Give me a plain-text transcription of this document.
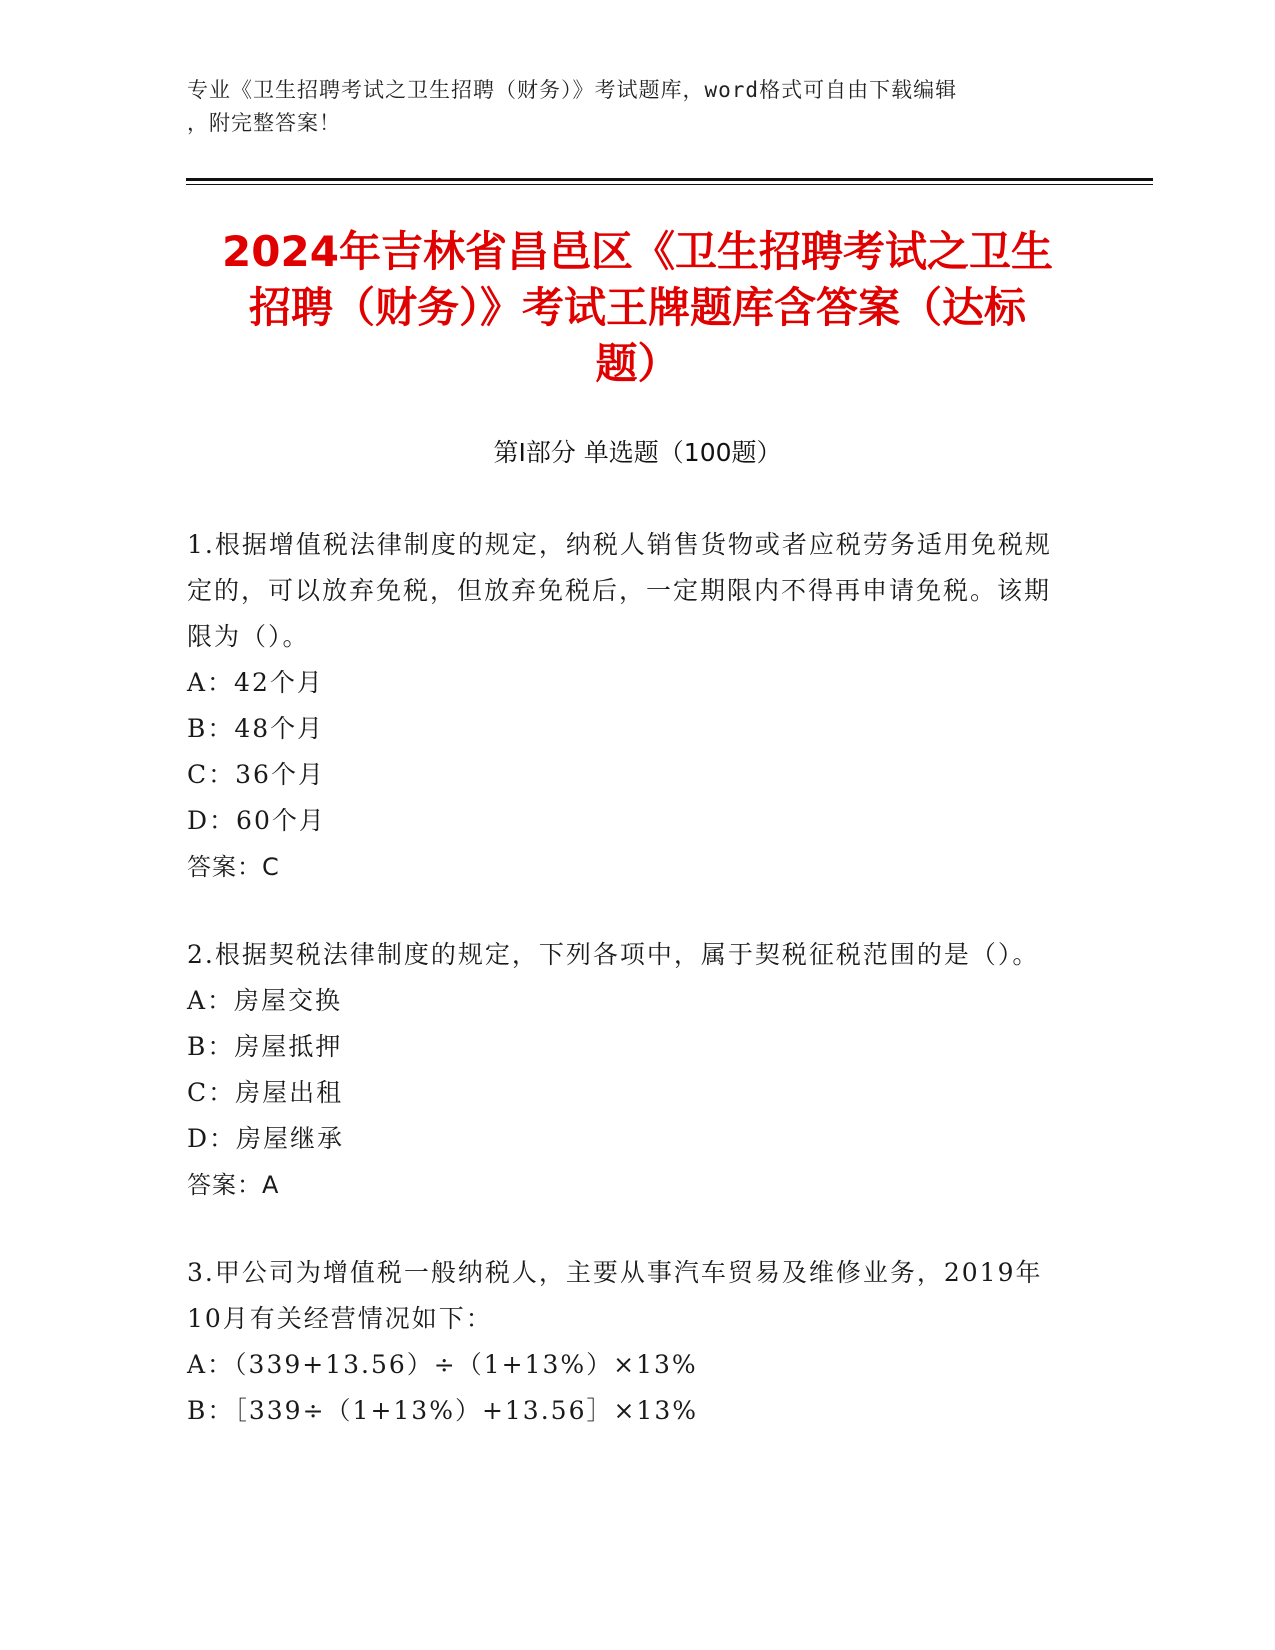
专业《卫生招聘考试之卫生招聘（财务）》考试题库，word格式可自由下载编辑
，附完整答案！
2024年吉林省昌邑区《卫生招聘考试之卫生
招聘（财务）》考试王牌题库含答案（达标
题）
第Ⅰ部分 单选题（100题）

1.根据增值税法律制度的规定，纳税人销售货物或者应税劳务适用免税规定的，可以放弃免税，但放弃免税后，一定期限内不得再申请免税。该期限为（）。

A：42个月
B：48个月
C：36个月
D：60个月

答案：C

2.根据契税法律制度的规定，下列各项中，属于契税征税范围的是（）。

A：房屋交换
B：房屋抵押
C：房屋出租
D：房屋继承

答案：A

3.甲公司为增值税一般纳税人，主要从事汽车贸易及维修业务，2019年10月有关经营情况如下：

A：（339+13.56）÷（1+13%）×13%
B：［339÷（1+13%）+13.56］×13%
